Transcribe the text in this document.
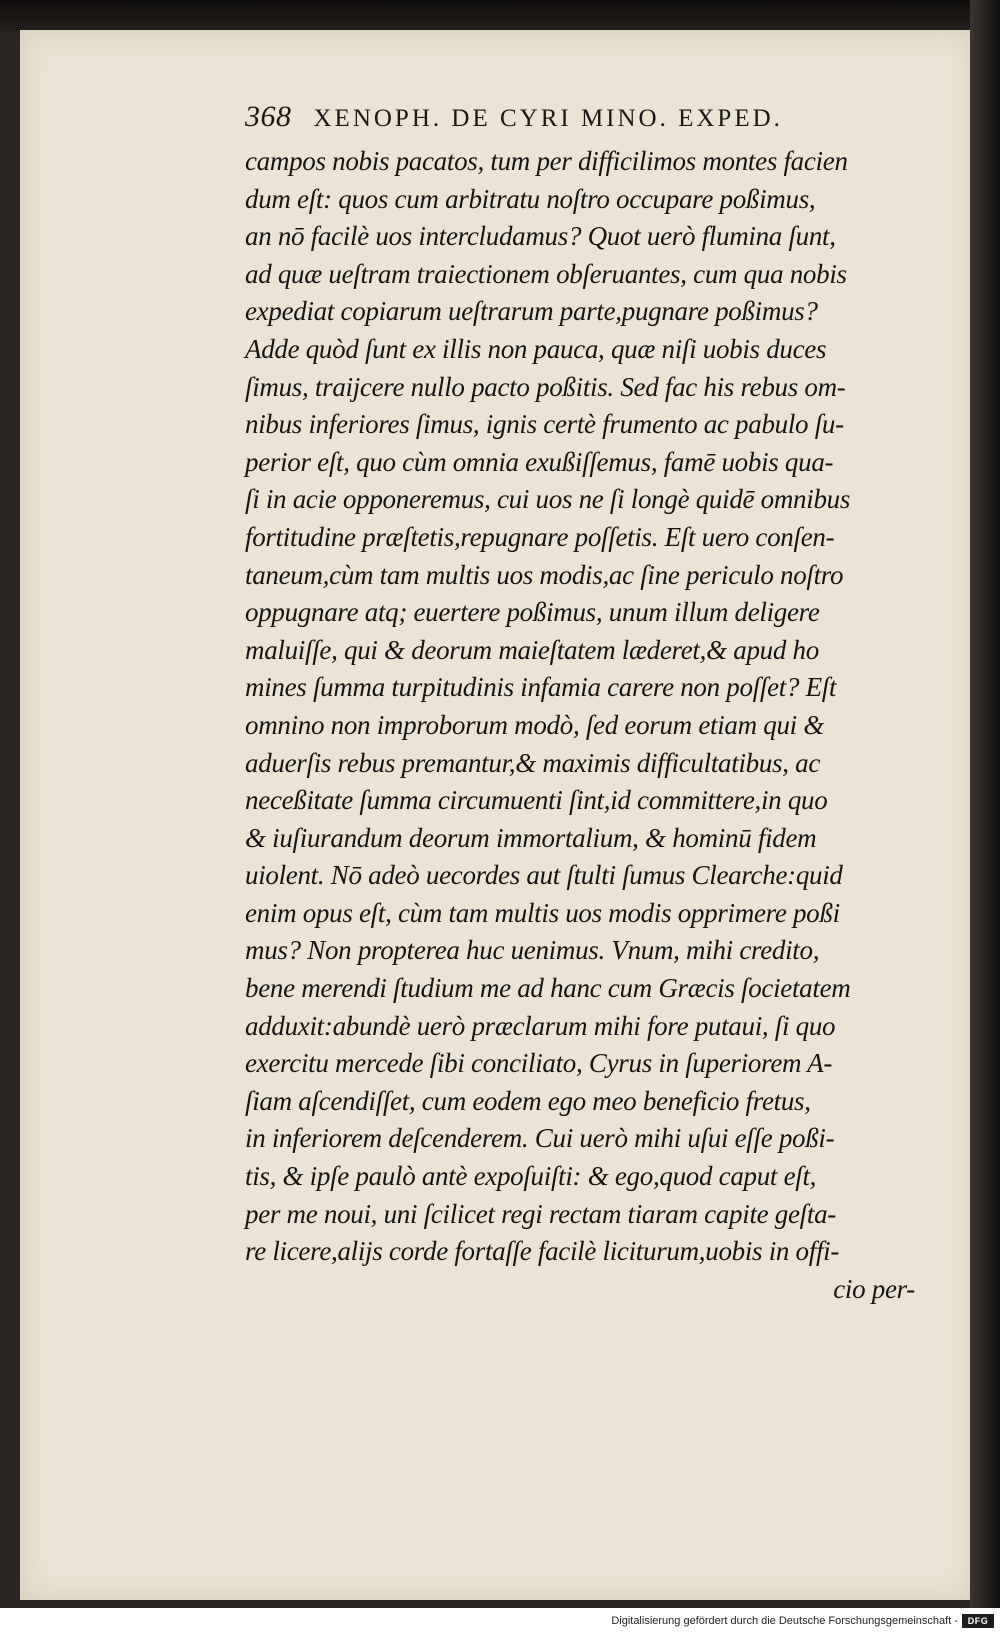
368 XENOPH. DE CYRI MINO. EXPED.
campos nobis pacatos, tum per difficilimos montes facien
dum eſt: quos cum arbitratu noſtro occupare poßimus,
an nō facilè uos intercludamus? Quot uerò flumina ſunt,
ad quæ ueſtram traiectionem obſeruantes, cum qua nobis
expediat copiarum ueſtrarum parte,pugnare poßimus?
Adde quòd ſunt ex illis non pauca, quæ niſi uobis duces
ſimus, traijcere nullo pacto poßitis. Sed fac his rebus om-
nibus inferiores ſimus, ignis certè frumento ac pabulo ſu-
perior eſt, quo cùm omnia exußiſſemus, famē uobis qua-
ſi in acie opponeremus, cui uos ne ſi longè quidē omnibus
fortitudine præſtetis,repugnare poſſetis. Eſt uero conſen-
taneum,cùm tam multis uos modis,ac ſine periculo noſtro
oppugnare atq; euertere poßimus, unum illum deligere
maluiſſe, qui & deorum maieſtatem læderet,& apud ho
mines ſumma turpitudinis infamia carere non poſſet? Eſt
omnino non improborum modò, ſed eorum etiam qui &
aduerſis rebus premantur,& maximis difficultatibus, ac
neceßitate ſumma circumuenti ſint,id committere,in quo
& iuſiurandum deorum immortalium, & hominū fidem
uiolent. Nō adeò uecordes aut ſtulti ſumus Clearche:quid
enim opus eſt, cùm tam multis uos modis opprimere poßi
mus? Non propterea huc uenimus. Vnum, mihi credito,
bene merendi ſtudium me ad hanc cum Græcis ſocietatem
adduxit:abundè uerò præclarum mihi fore putaui, ſi quo
exercitu mercede ſibi conciliato, Cyrus in ſuperiorem A-
ſiam aſcendiſſet, cum eodem ego meo beneficio fretus,
in inferiorem deſcenderem. Cui uerò mihi uſui eſſe poßi-
tis, & ipſe paulò antè expoſuiſti: & ego,quod caput eſt,
per me noui, uni ſcilicet regi rectam tiaram capite geſta-
re licere,alijs corde fortaſſe facilè liciturum,uobis in offi-
cio per-
Digitalisierung gefördert durch die Deutsche Forschungsgemeinschaft -	DFG
